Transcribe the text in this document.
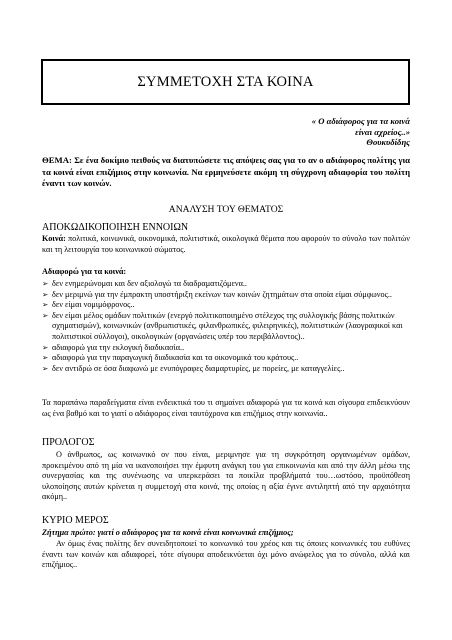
ΣΥΜΜΕΤΟΧΗ ΣΤΑ ΚΟΙΝΑ
« Ο αδιάφορος για τα κοινά
είναι αχρείος..»
Θουκυδίδης
ΘΕΜΑ: Σε ένα δοκίμιο πειθούς να διατυπώσετε τις απόψεις σας για το αν ο αδιάφορος πολίτης για τα κοινά είναι επιζήμιος στην κοινωνία. Να ερμηνεύσετε ακόμη τη σύγχρονη αδιαφορία του πολίτη έναντι των κοινών.
ΑΝΑΛΥΣΗ ΤΟΥ ΘΕΜΑΤΟΣ
ΑΠΟΚΩΔΙΚΟΠΟΙΗΣΗ ΕΝΝΟΙΩΝ
Κοινά: πολιτικά, κοινωνικά, οικονομικά, πολιτιστικά, οικολογικά θέματα που αφορούν το σύνολο των πολιτών και τη λειτουργία του κοινωνικού σώματος.
Αδιαφορώ για τα κοινά:
➢ δεν ενημερώνομαι και δεν αξιολογώ τα διαδραματιζόμενα..
➢ δεν μεριμνώ για την έμπρακτη υποστήριξη εκείνων των κοινών ζητημάτων στα οποία είμαι σύμφωνος..
➢ δεν είμαι νομιμόφρονος..
➢ δεν είμαι μέλος ομάδων πολιτικών (ενεργό πολιτικοποιημένο στέλεχος της συλλογικής βάσης πολιτικών σχηματισμών), κοινωνικών (ανθρωπιστικές, φιλανθρωπικές, φιλειρηνικές), πολιτιστικών (λαογραφικοί και πολιτιστικοί σύλλογοι), οικολογικών (οργανώσεις υπέρ του περιβάλλοντος)..
➢ αδιαφορώ για την εκλογική διαδικασία..
➢ αδιαφορώ για την παραγωγική διαδικασία και τα οικονομικά του κράτους..
➢ δεν αντιδρώ σε όσα διαφωνώ με ενυπόγραφες διαμαρτυρίες, με πορείες, με καταγγελίες..
Τα παραπάνω παραδείγματα είναι ενδεικτικά του τι σημαίνει αδιαφορώ για τα κοινά και σίγουρα επιδεικνύουν ως ένα βαθμό και το γιατί ο αδιάφορος είναι ταυτόχρονα και επιζήμιος στην κοινωνία..
ΠΡΟΛΟΓΟΣ
Ο άνθρωπος, ως κοινωνικό ον που είναι, μεριμνησε για τη συγκρότηση οργανωμένων ομάδων, προκειμένου από τη μία να ικανοποιήσει την έμφυτη ανάγκη του για επικοινωνία και από την άλλη μέσω της συνεργασίας και της συνένωσης να υπερκεράσει τα ποικίλα προβλήματά του…ωστόσο, προϋπόθεση υλοποίησης αυτών κρίνεται η συμμετοχή στα κοινά, της οποίας η αξία έγινε αντιληπτή από την αρχαιότητα ακόμη..
ΚΥΡΙΟ ΜΕΡΟΣ
Ζήτημα πρώτο: γιατί ο αδιάφορος για τα κοινά είναι κοινωνικά επιζήμιος;
Αν όμως ένας πολίτης δεν συνειδητοποιεί το κοινωνικό του χρέος και τις όποιες κοινωνικές του ευθύνες έναντι των κοινών και αδιαφορεί, τότε σίγουρα αποδεικνύεται όχι μόνο ανώφελος για το σύνολο, αλλά και επιζήμιος..
